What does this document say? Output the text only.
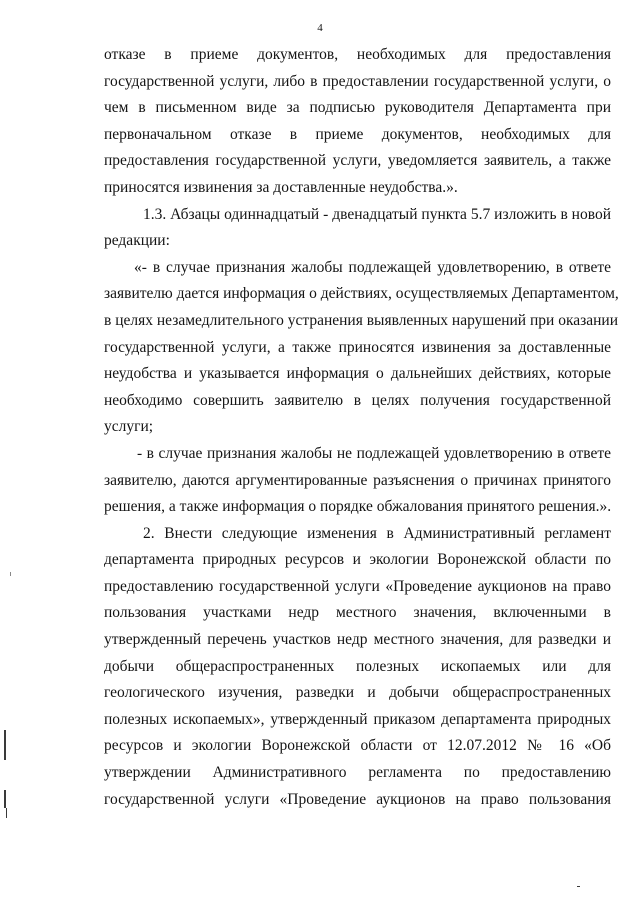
4
отказе в приеме документов, необходимых для предоставления
государственной услуги, либо в предоставлении государственной услуги, о
чем в письменном виде за подписью руководителя Департамента при
первоначальном отказе в приеме документов, необходимых для
предоставления государственной услуги, уведомляется заявитель, а также
приносятся извинения за доставленные неудобства.».
1.3. Абзацы одиннадцатый - двенадцатый пункта 5.7 изложить в новой
редакции:
«- в случае признания жалобы подлежащей удовлетворению, в ответе
заявителю дается информация о действиях, осуществляемых Департаментом,
в целях незамедлительного устранения выявленных нарушений при оказании
государственной услуги, а также приносятся извинения за доставленные
неудобства и указывается информация о дальнейших действиях, которые
необходимо совершить заявителю в целях получения государственной
услуги;
- в случае признания жалобы не подлежащей удовлетворению в ответе
заявителю, даются аргументированные разъяснения о причинах принятого
решения, а также информация о порядке обжалования принятого решения.».
2. Внести следующие изменения в Административный регламент
департамента природных ресурсов и экологии Воронежской области по
предоставлению государственной услуги «Проведение аукционов на право
пользования участками недр местного значения, включенными в
утвержденный перечень участков недр местного значения, для разведки и
добычи общераспространенных полезных ископаемых или для
геологического изучения, разведки и добычи общераспространенных
полезных ископаемых», утвержденный приказом департамента природных
ресурсов и экологии Воронежской области от 12.07.2012 № 16 «Об
утверждении Административного регламента по предоставлению
государственной услуги «Проведение аукционов на право пользования
